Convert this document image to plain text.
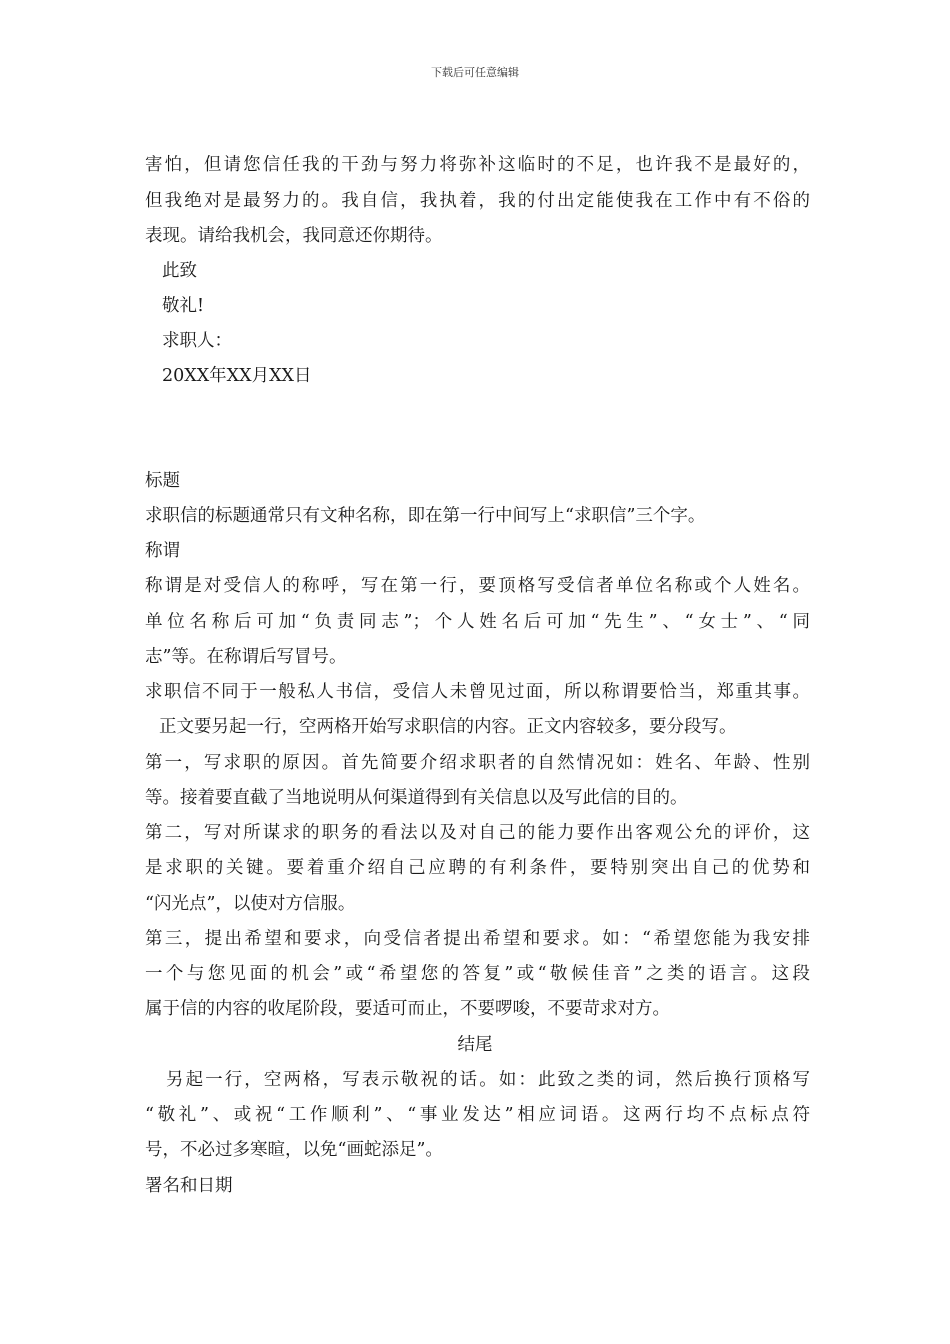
下载后可任意编辑
害怕，但请您信任我的干劲与努力将弥补这临时的不足，也许我不是最好的，
但我绝对是最努力的。我自信，我执着，我的付出定能使我在工作中有不俗的
表现。请给我机会，我同意还你期待。
此致
敬礼!
求职人：
20XX年XX月XX日
标题
求职信的标题通常只有文种名称，即在第一行中间写上“求职信”三个字。
称谓
称谓是对受信人的称呼，写在第一行，要顶格写受信者单位名称或个人姓名。
单位名称后可加“负责同志”；个人姓名后可加“先生”、“女士”、“同
志”等。在称谓后写冒号。
求职信不同于一般私人书信，受信人未曾见过面，所以称谓要恰当，郑重其事。
正文要另起一行，空两格开始写求职信的内容。正文内容较多，要分段写。
第一，写求职的原因。首先简要介绍求职者的自然情况如：姓名、年龄、性别
等。接着要直截了当地说明从何渠道得到有关信息以及写此信的目的。
第二，写对所谋求的职务的看法以及对自己的能力要作出客观公允的评价，这
是求职的关键。要着重介绍自己应聘的有利条件，要特别突出自己的优势和
“闪光点”，以使对方信服。
第三，提出希望和要求，向受信者提出希望和要求。如：“希望您能为我安排
一个与您见面的机会”或“希望您的答复”或“敬候佳音”之类的语言。这段
属于信的内容的收尾阶段，要适可而止，不要啰唆，不要苛求对方。
结尾
另起一行，空两格，写表示敬祝的话。如：此致之类的词，然后换行顶格写
“敬礼”、或祝“工作顺利”、“事业发达”相应词语。这两行均不点标点符
号，不必过多寒暄，以免“画蛇添足”。
署名和日期
